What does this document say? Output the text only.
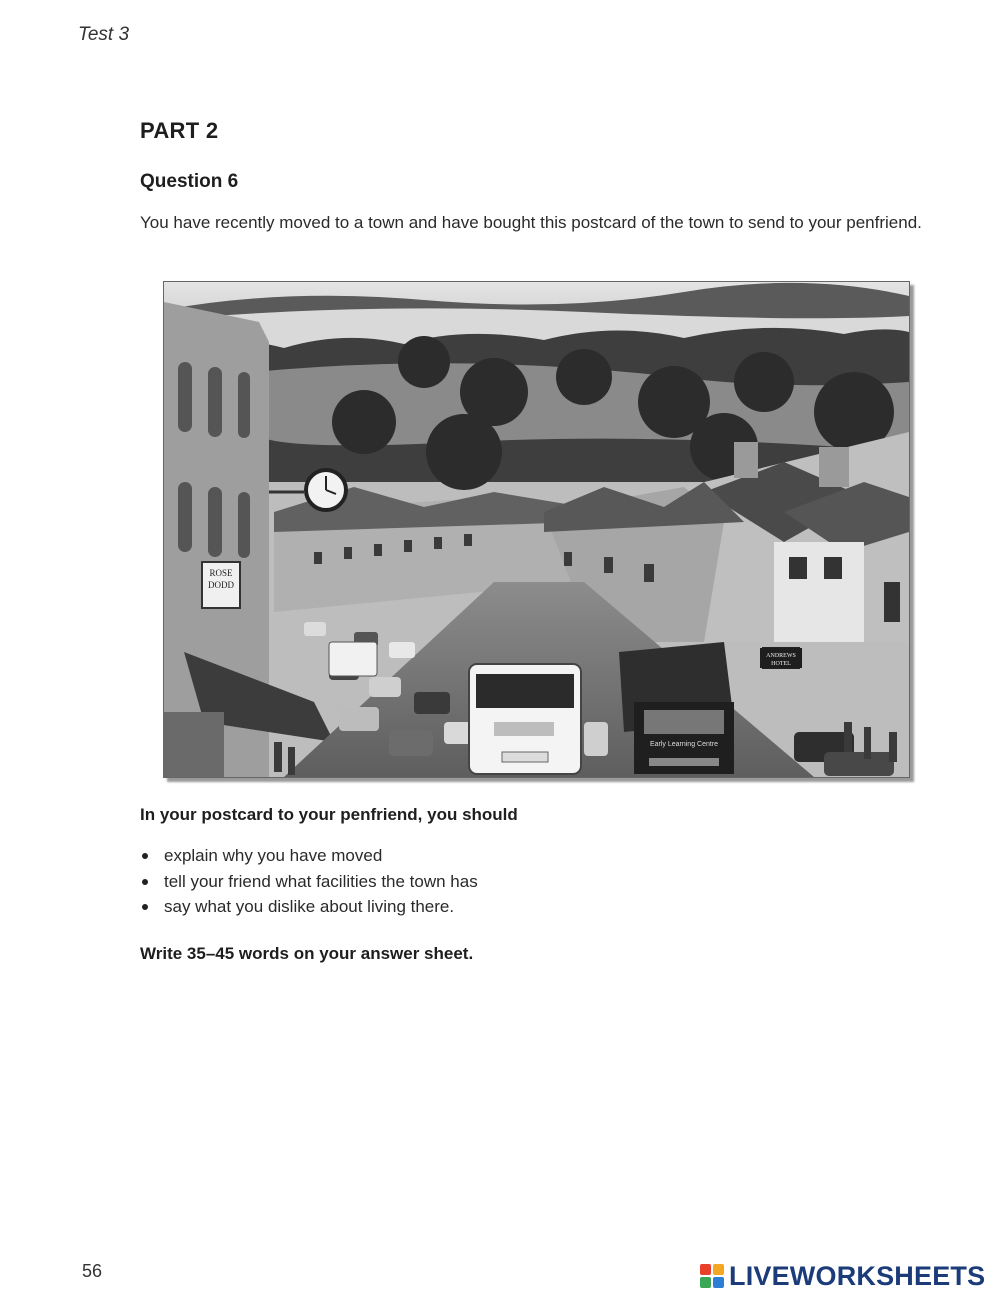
Test 3
PART 2
Question 6
You have recently moved to a town and have bought this postcard of the town to send to your penfriend.
ROSE
DODD
ANDREWS
HOTEL
Early Learning Centre
In your postcard to your penfriend, you should
explain why you have moved
tell your friend what facilities the town has
say what you dislike about living there.
Write 35–45 words on your answer sheet.
56	LIVEWORKSHEETS
